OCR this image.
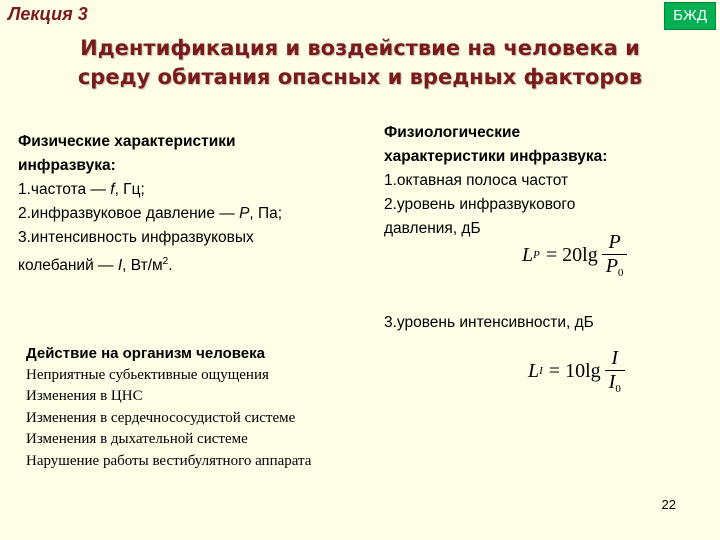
Лекция 3	БЖД
Идентификация и воздействие на человека и
среду обитания опасных и вредных факторов
Физические характеристики
инфразвука:
1.частота — f, Гц;
2.инфразвуковое давление — P, Па;
3.интенсивность инфразвуковых
колебаний — I, $Вт/м^2$.
Физиологические
характеристики инфразвука:
1.октавная полоса частот
2.уровень инфразвукового
давления, дБ
L $P = 20\lg \frac{P}{P_0}$
3.уровень интенсивности, дБ
L $I = 10\lg \frac{I}{I_0}$
Действие на организм человека
Неприятные субьективные ощущения
Изменения в ЦНС
Изменения в сердечнососудистой системе
Изменения в дыхательной системе
Нарушение работы вестибулятного аппарата
22
